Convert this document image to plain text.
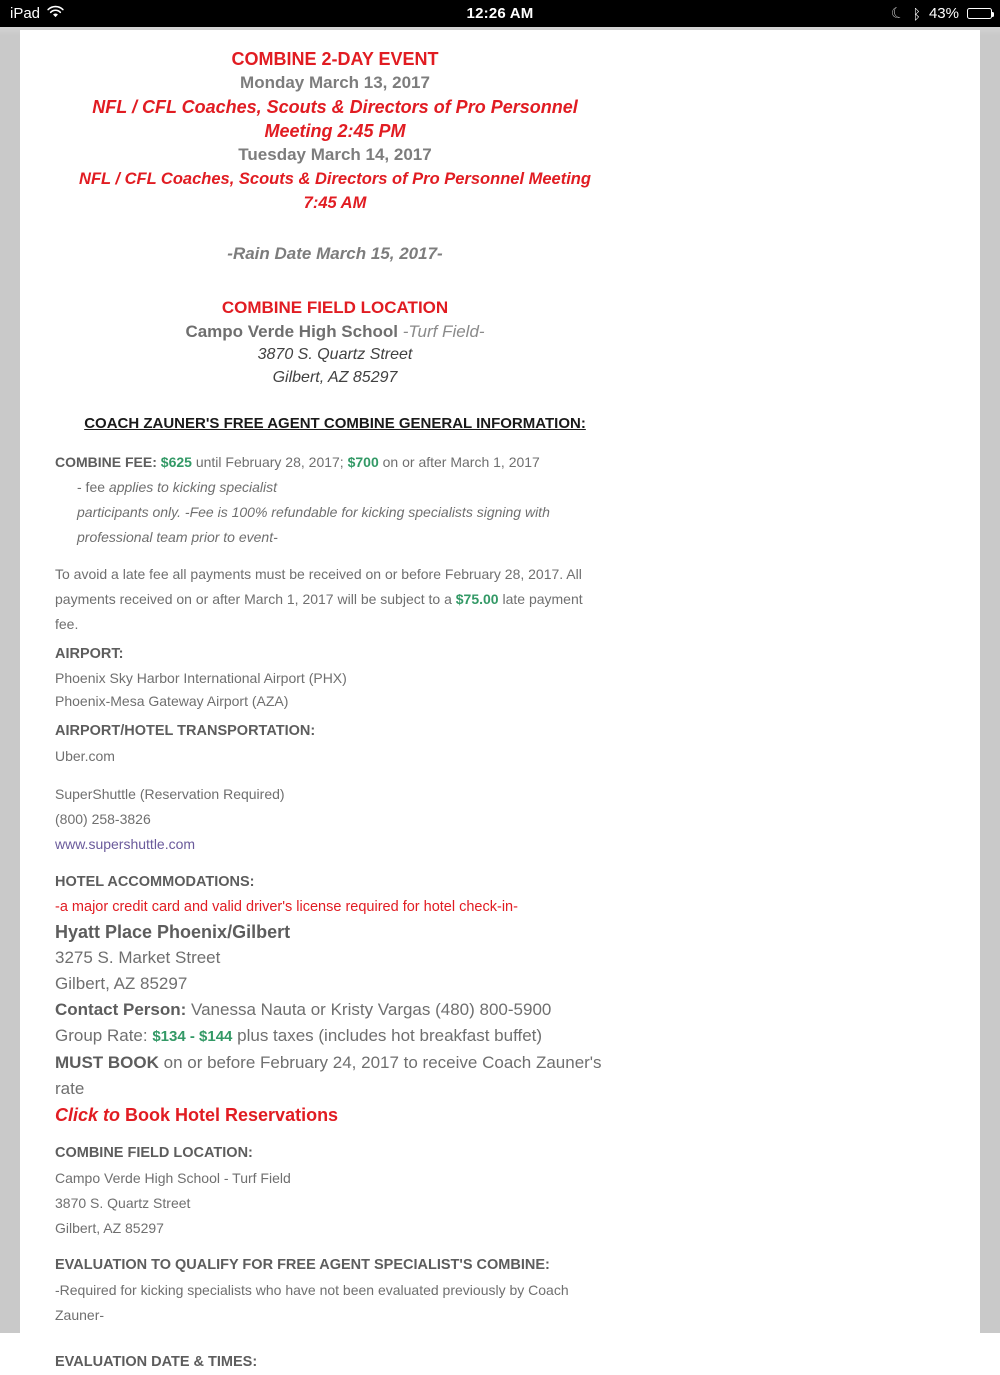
iPad	12:26 AM	☾ ᛒ 43%
COMBINE 2-DAY EVENT
Monday March 13, 2017
NFL / CFL Coaches, Scouts & Directors of Pro Personnel
Meeting 2:45 PM
Tuesday March 14, 2017
NFL / CFL Coaches, Scouts & Directors of Pro Personnel Meeting
7:45 AM
-Rain Date March 15, 2017-
COMBINE FIELD LOCATION
Campo Verde High School -Turf Field-
3870 S. Quartz Street
Gilbert, AZ 85297
COACH ZAUNER'S FREE AGENT COMBINE GENERAL INFORMATION:
COMBINE FEE: $625 until February 28, 2017; $700 on or after March 1, 2017
- fee applies to kicking specialist
participants only. -Fee is 100% refundable for kicking specialists signing with
professional team prior to event-
To avoid a late fee all payments must be received on or before February 28, 2017. All
payments received on or after March 1, 2017 will be subject to a $75.00 late payment
fee.
AIRPORT:
Phoenix Sky Harbor International Airport (PHX)
Phoenix-Mesa Gateway Airport (AZA)
AIRPORT/HOTEL TRANSPORTATION:
Uber.com
SuperShuttle (Reservation Required)
(800) 258-3826
www.supershuttle.com
HOTEL ACCOMMODATIONS:
-a major credit card and valid driver's license required for hotel check-in-
Hyatt Place Phoenix/Gilbert
3275 S. Market Street
Gilbert, AZ 85297
Contact Person: Vanessa Nauta or Kristy Vargas (480) 800-5900
Group Rate: $134 - $144 plus taxes (includes hot breakfast buffet)
MUST BOOK on or before February 24, 2017 to receive Coach Zauner's
rate
Click to Book Hotel Reservations
COMBINE FIELD LOCATION:
Campo Verde High School - Turf Field
3870 S. Quartz Street
Gilbert, AZ 85297
EVALUATION TO QUALIFY FOR FREE AGENT SPECIALIST'S COMBINE:
-Required for kicking specialists who have not been evaluated previously by Coach
Zauner-
EVALUATION DATE & TIMES:
